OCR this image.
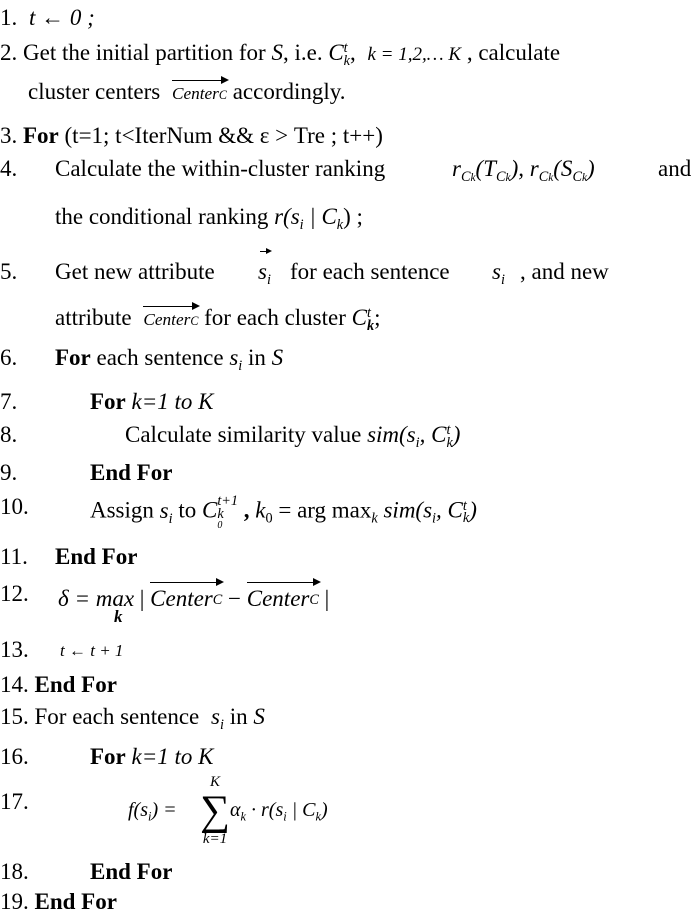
1. t ← 0 ;
2. Get the initial partition for S, i.e. C t
k , k = 1,2,… K , calculate
cluster centers Center C accordingly.
3. For (t=1; t<IterNum && ε > Tre ; t++)
4. Calculate the within-cluster ranking	$r_{Ck}(T_{Ck})$, $r_{Ck}(S_{Ck})$	and
the conditional ranking $r(s_i$ | $C_k$) ;
5. Get new attribute $s_i$ for each sentence $s_i$ , and new
attribute Center C for each cluster C t
k ;
6. For each sentence $s_i$ in S
7.	For k=1 to K
8.	Calculate similarity value $sim(s_i$, C t
k )
9.	End For
10.	Assign $s_i$ to C t+1
k
0
, $k_0$ = arg $\max_k sim(s_i$, C t
k )
11. End For
12. δ = max | Center C − Center C |
k
13. t ← t + 1
14. End For
15. For each sentence $s_i$ in S
16.	For k=1 to K
17.	$f(s_i)$ =
K
∑
k=1
$\alpha_k \cdot r(s_i$ | $C_k$)
18.	End For
19. End For
